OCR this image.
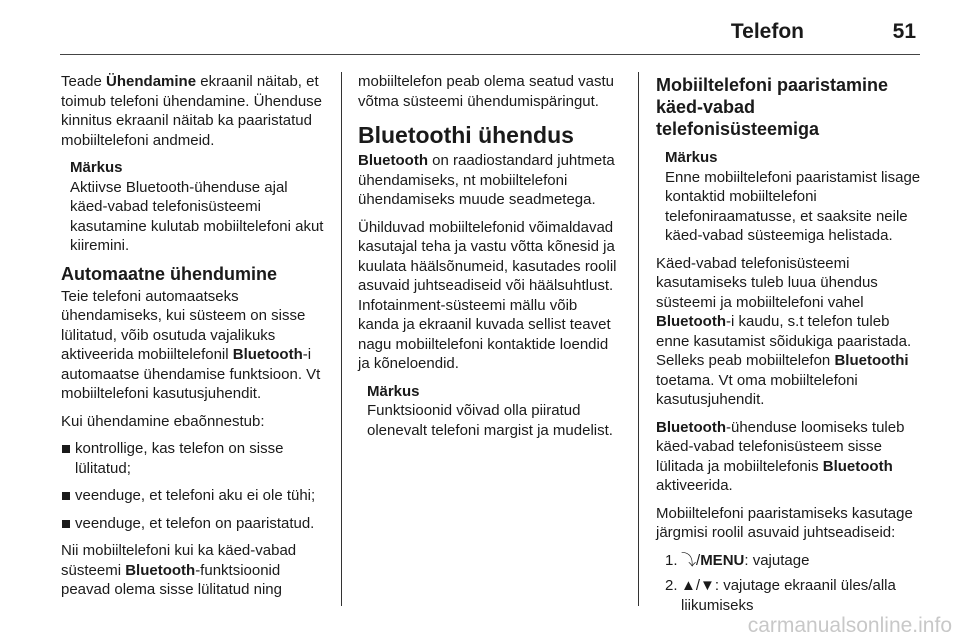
Telefon	51

Teade Ühendamine ekraanil näitab, et toimub telefoni ühendamine. Ühenduse kinnitus ekraanil näitab ka paaristatud mobiiltelefoni andmeid.

Märkus
Aktiivse Bluetooth-ühenduse ajal käed-vabad telefonisüsteemi kasutamine kulutab mobiiltelefoni akut kiiremini.
Automaatne ühendumine

Teie telefoni automaatseks ühendamiseks, kui süsteem on sisse lülitatud, võib osutuda vajalikuks aktiveerida mobiiltelefonil Bluetooth-i automaatse ühendamise funktsioon. Vt mobiiltelefoni kasutusjuhendit.

Kui ühendamine ebaõnnestub:

kontrollige, kas telefon on sisse lülitatud;
veenduge, et telefoni aku ei ole tühi;
veenduge, et telefon on paaristatud.

Nii mobiiltelefoni kui ka käed-vabad süsteemi Bluetooth-funktsioonid peavad olema sisse lülitatud ning

mobiiltelefon peab olema seatud vastu võtma süsteemi ühendumispäringut.

Bluetoothi ühendus

Bluetooth on raadiostandard juhtmeta ühendamiseks, nt mobiiltelefoni ühendamiseks muude seadmetega.

Ühilduvad mobiiltelefonid võimaldavad kasutajal teha ja vastu võtta kõnesid ja kuulata häälsõnumeid, kasutades roolil asuvaid juhtseadiseid või häälsuhtlust. Infotainment-süsteemi mällu võib kanda ja ekraanil kuvada sellist teavet nagu mobiiltelefoni kontaktide loendid ja kõneloendid.

Märkus
Funktsioonid võivad olla piiratud olenevalt telefoni margist ja mudelist.
Mobiiltelefoni paaristamine käed-vabad telefonisüsteemiga
Märkus
Enne mobiiltelefoni paaristamist lisage kontaktid mobiiltelefoni telefoniraamatusse, et saaksite neile käed-vabad süsteemiga helistada.

Käed-vabad telefonisüsteemi kasutamiseks tuleb luua ühendus süsteemi ja mobiiltelefoni vahel Bluetooth-i kaudu, s.t telefon tuleb enne kasutamist sõidukiga paaristada. Selleks peab mobiiltelefon Bluetoothi toetama. Vt oma mobiiltelefoni kasutusjuhendit.

Bluetooth-ühenduse loomiseks tuleb käed-vabad telefonisüsteem sisse lülitada ja mobiiltelefonis Bluetooth aktiveerida.

Mobiiltelefoni paaristamiseks kasutage järgmisi roolil asuvaid juhtseadiseid:

1. ⤵/MENU: vajutage
2. ▲/▼: vajutage ekraanil üles/alla liikumiseks
carmanualsonline.info
